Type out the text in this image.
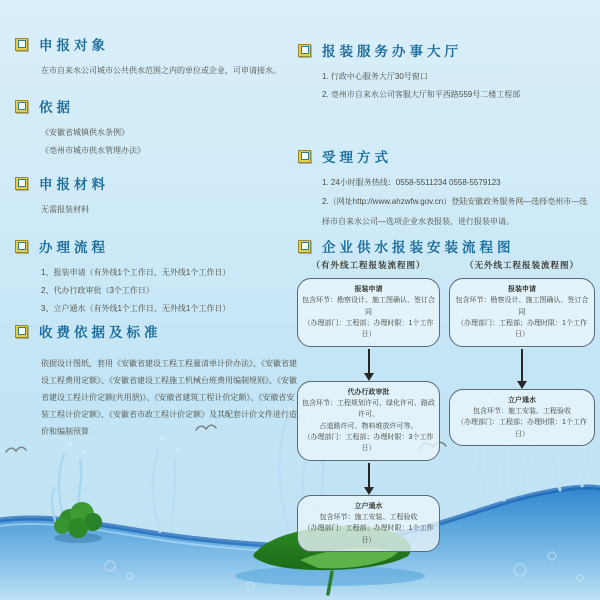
申报对象
在市自来水公司城市公共供水范围之内的单位或企业，可申请接水。
依据
《安徽省城镇供水条例》
《亳州市城市供水管理办法》
申报材料
无需报装材料
办理流程
1、报装申请（有外线1个工作日、无外线1个工作日）
2、代办行政审批（3个工作日）
3、立户通水（有外线1个工作日、无外线1个工作日）
收费依据及标准
依据设计图纸，套用《安徽省建设工程工程量清单计价办法》、《安徽省建设工程费用定额》、《安徽省建设工程施工机械台班费用编制规则》、《安徽省建设工程计价定额(共用册)》、《安徽省建筑工程计价定额》、《安徽省安装工程计价定额》、《安徽省市政工程计价定额》及其配套计价文件进行造价和编制预算
报装服务办事大厅
1. 行政中心服务大厅30号窗口
2. 亳州市自来水公司客服大厅和平西路559号二楼工程部
受理方式
1. 24小时服务热线：0558-5511234 0558-5579123
2.（网址http://www.ahzwfw.gov.cn）登陆安徽政务服务网—选择亳州市—选择市自来水公司—选项企业水表报装，进行报装申请。
企业供水报装安装流程图
（有外线工程报装流程图）
报装申请
包含环节：勘察设计、施工图确认、签订合同
（办理部门：工程部；办理时限：1个工作日）
代办行政审批
包含环节：工程规划许可、绿化许可、路政许可、
占道路许可、物料堆放许可等。
（办理部门：工程部；办理时限：3个工作日）
立户通水
包含环节：施工安装、工程验收
（办理部门：工程部；办理时限：1个工作日）
（无外线工程报装流程图）
报装申请
包含环节：勘察设计、施工图确认、签订合同
（办理部门：工程部；办理时限：1个工作日）
立户通水
包含环节：施工安装、工程验收
（办理部门：工程部；办理时限：1个工作日）
